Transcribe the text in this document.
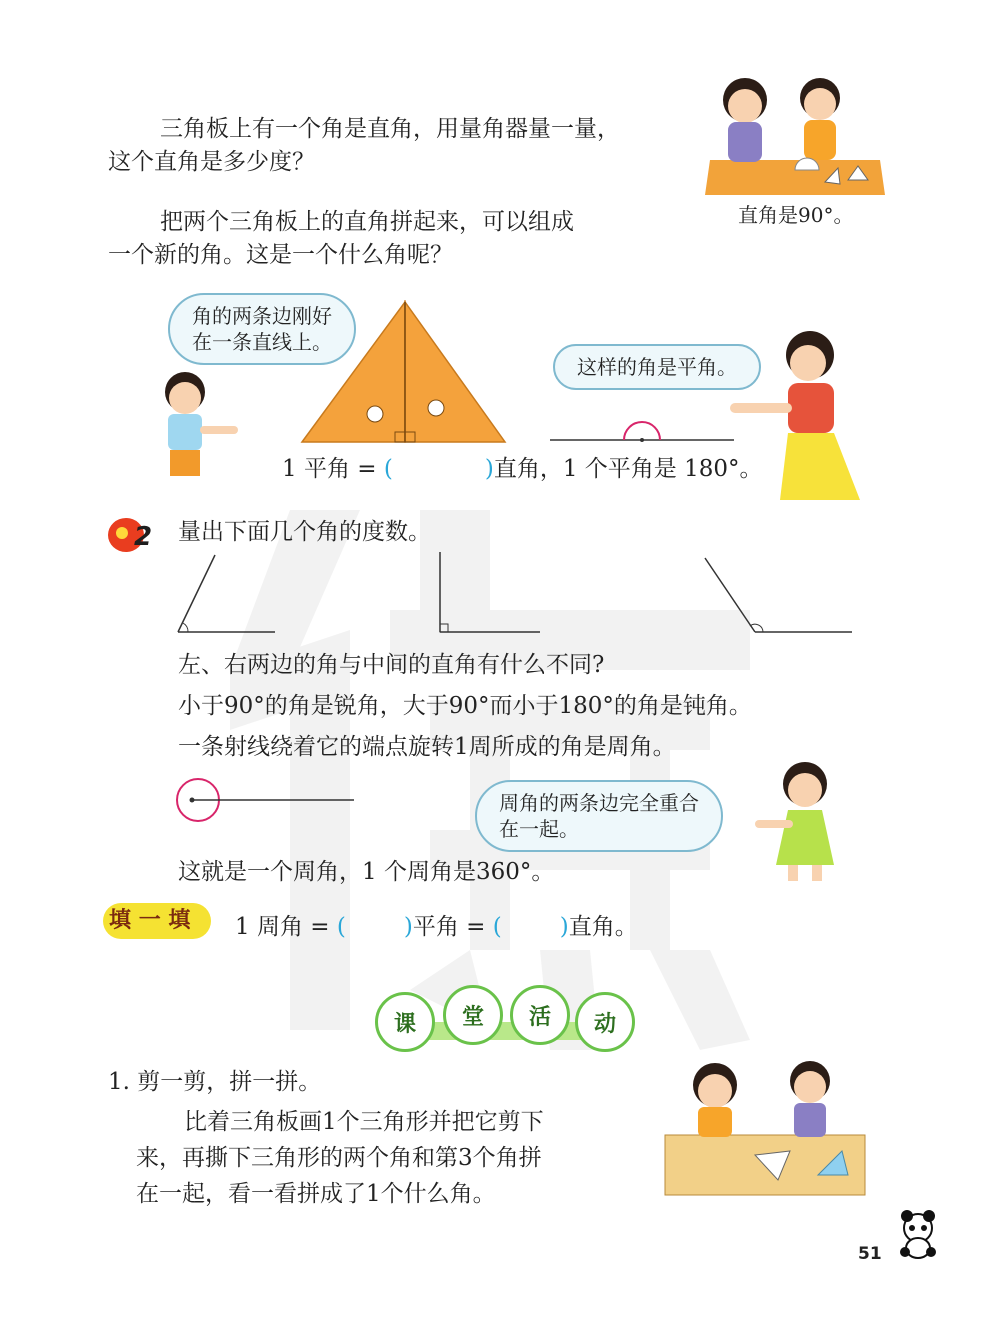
三角板上有一个角是直角，用量角器量一量，
这个直角是多少度？
直角是90°。
把两个三角板上的直角拼起来，可以组成
一个新的角。这是一个什么角呢？
角的两条边刚好
在一条直线上。
这样的角是平角。
1 平角 = (	)直角，1 个平角是 180°。
2 量出下面几个角的度数。
左、右两边的角与中间的直角有什么不同?
小于90°的角是锐角，大于90°而小于180°的角是钝角。
一条射线绕着它的端点旋转1周所成的角是周角。
周角的两条边完全重合
在一起。
这就是一个周角，1 个周角是360°。
填 一 填 1 周角 = (	)平角 = (	)直角。
课	堂	活	动
1. 剪一剪，拼一拼。
比着三角板画1个三角形并把它剪下
来，再撕下三角形的两个角和第3个角拼
在一起，看一看拼成了1个什么角。
51
